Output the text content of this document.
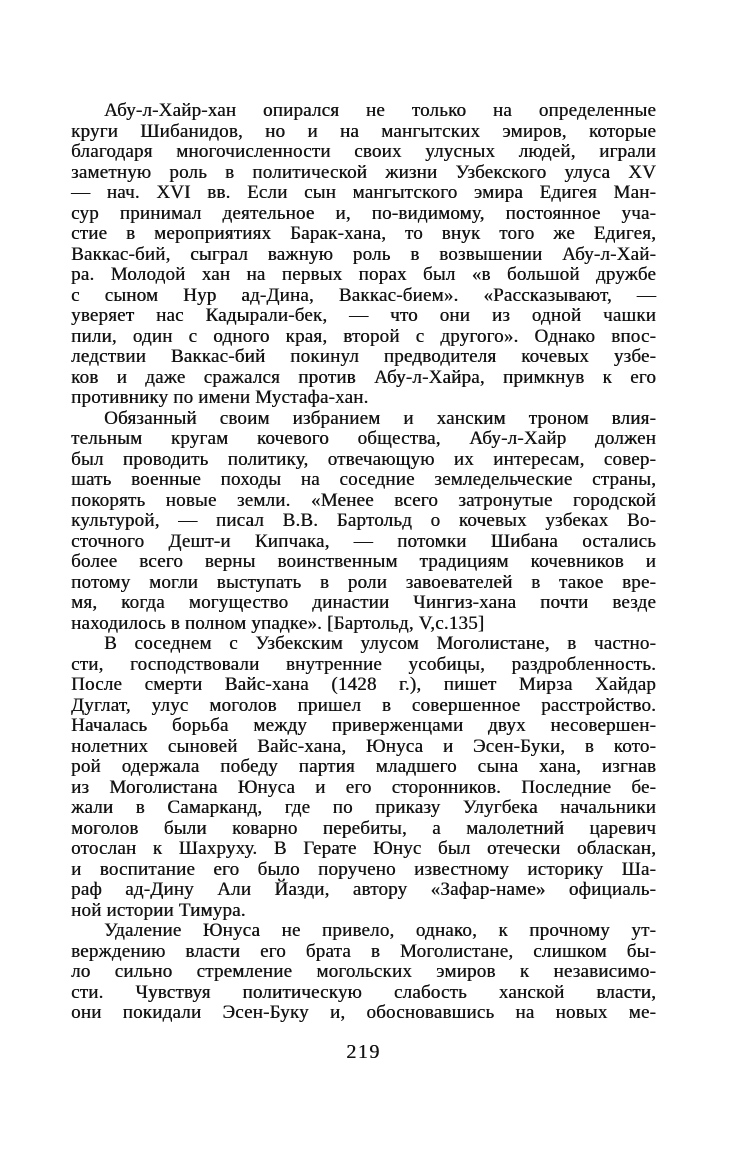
Абу-л-Хайр-хан опирался не только на определенные
круги Шибанидов, но и на мангытских эмиров, которые
благодаря многочисленности своих улусных людей, играли
заметную роль в политической жизни Узбекского улуса XV
— нач. XVI вв. Если сын мангытского эмира Едигея Ман-
сур принимал деятельное и, по-видимому, постоянное уча-
стие в мероприятиях Барак-хана, то внук того же Едигея,
Ваккас-бий, сыграл важную роль в возвышении Абу-л-Хай-
ра. Молодой хан на первых порах был «в большой дружбе
с сыном Нур ад-Дина, Ваккас-бием». «Рассказывают, —
уверяет нас Кадырали-бек, — что они из одной чашки
пили, один с одного края, второй с другого». Однако впос-
ледствии Ваккас-бий покинул предводителя кочевых узбе-
ков и даже сражался против Абу-л-Хайра, примкнув к его
противнику по имени Мустафа-хан.
Обязанный своим избранием и ханским троном влия-
тельным кругам кочевого общества, Абу-л-Хайр должен
был проводить политику, отвечающую их интересам, совер-
шать военные походы на соседние земледельческие страны,
покорять новые земли. «Менее всего затронутые городской
культурой, — писал В.В. Бартольд о кочевых узбеках Во-
сточного Дешт-и Кипчака, — потомки Шибана остались
более всего верны воинственным традициям кочевников и
потому могли выступать в роли завоевателей в такое вре-
мя, когда могущество династии Чингиз-хана почти везде
находилось в полном упадке». [Бартольд, V,с.135]
В соседнем с Узбекским улусом Моголистане, в частно-
сти, господствовали внутренние усобицы, раздробленность.
После смерти Вайс-хана (1428 г.), пишет Мирза Хайдар
Дуглат, улус моголов пришел в совершенное расстройство.
Началась борьба между приверженцами двух несовершен-
нолетних сыновей Вайс-хана, Юнуса и Эсен-Буки, в кото-
рой одержала победу партия младшего сына хана, изгнав
из Моголистана Юнуса и его сторонников. Последние бе-
жали в Самарканд, где по приказу Улугбека начальники
моголов были коварно перебиты, а малолетний царевич
отослан к Шахруху. В Герате Юнус был отечески обласкан,
и воспитание его было поручено известному историку Ша-
раф ад-Дину Али Йазди, автору «Зафар-наме» официаль-
ной истории Тимура.
Удаление Юнуса не привело, однако, к прочному ут-
верждению власти его брата в Моголистане, слишком бы-
ло сильно стремление могольских эмиров к независимо-
сти. Чувствуя политическую слабость ханской власти,
они покидали Эсен-Буку и, обосновавшись на новых ме-
219
